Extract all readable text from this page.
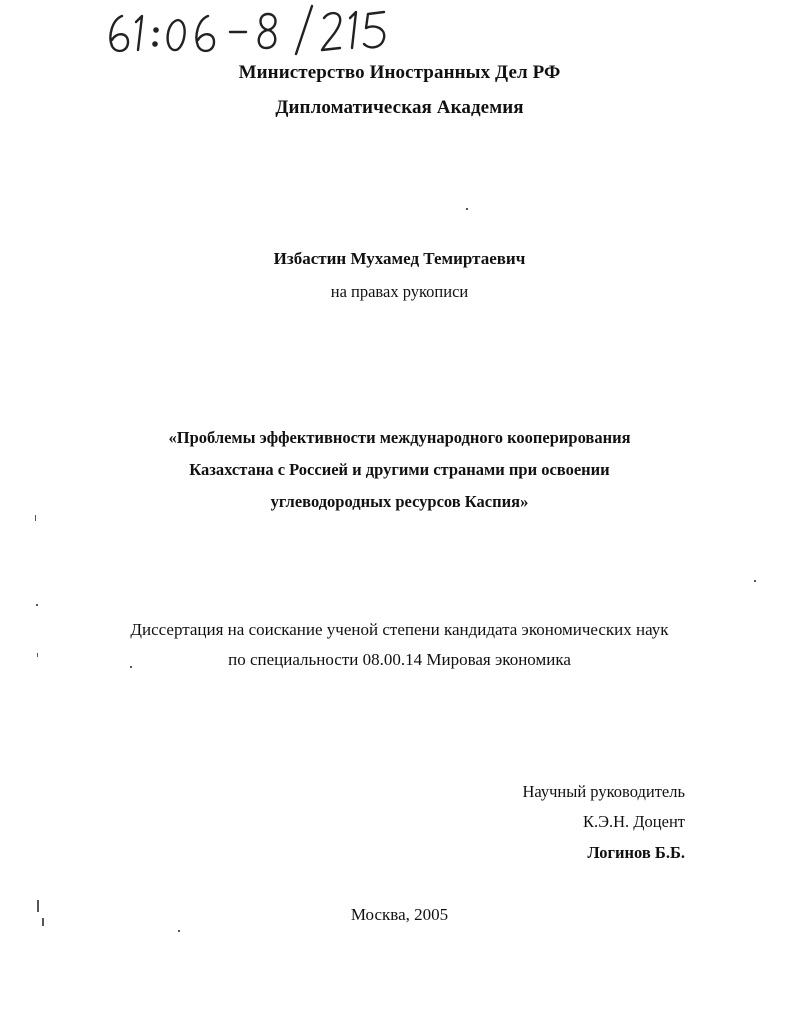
Министерство Иностранных Дел РФ
Дипломатическая Академия
Избастин Мухамед Темиртаевич
на правах рукописи
«Проблемы эффективности международного кооперирования
Казахстана с Россией и другими странами при освоении
углеводородных ресурсов Каспия»
Диссертация на соискание ученой степени кандидата экономических наук
по специальности 08.00.14 Мировая экономика
Научный руководитель
К.Э.Н. Доцент
Логинов Б.Б.
Москва, 2005
